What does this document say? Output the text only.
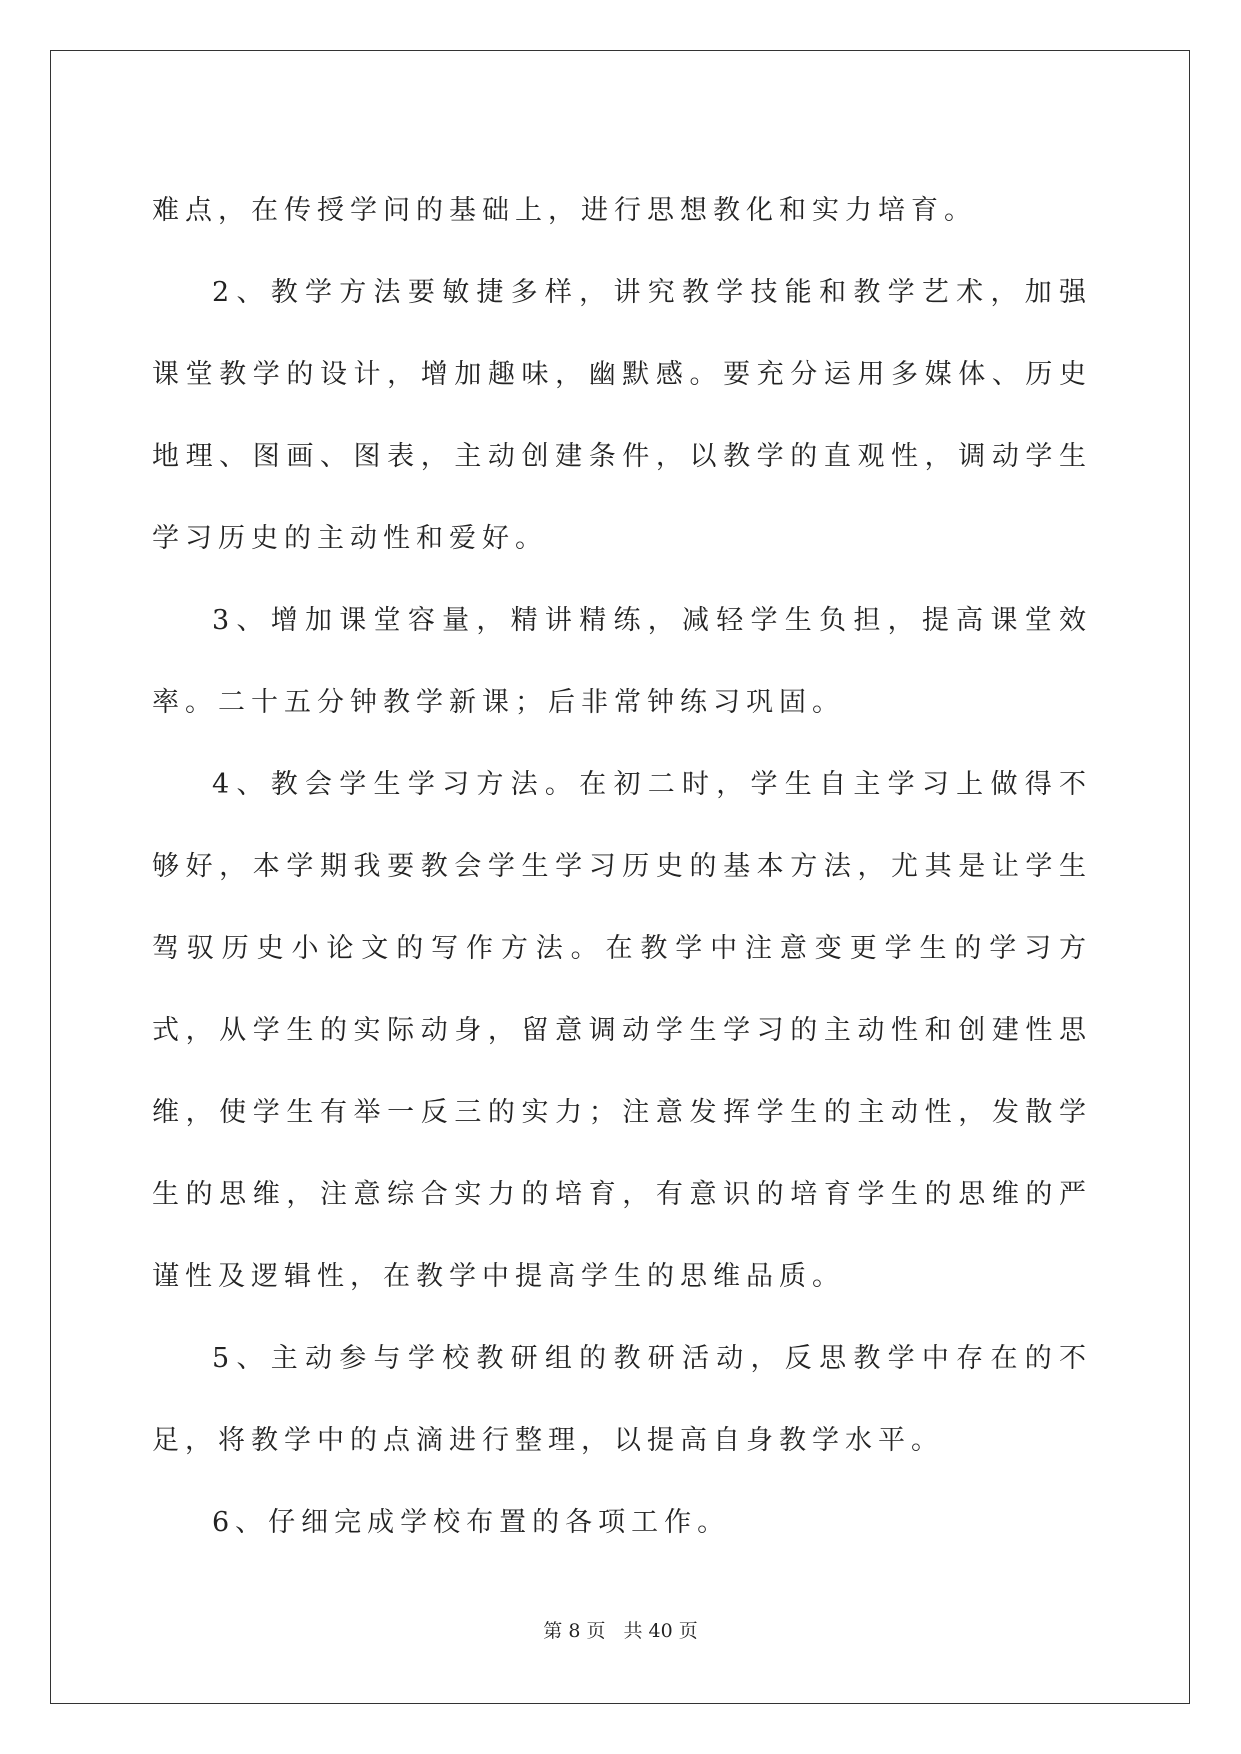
难点，在传授学问的基础上，进行思想教化和实力培育。

2、教学方法要敏捷多样，讲究教学技能和教学艺术，加强课堂教学的设计，增加趣味，幽默感。要充分运用多媒体、历史地理、图画、图表，主动创建条件，以教学的直观性，调动学生学习历史的主动性和爱好。

3、增加课堂容量，精讲精练，减轻学生负担，提高课堂效率。二十五分钟教学新课；后非常钟练习巩固。

4、教会学生学习方法。在初二时，学生自主学习上做得不够好，本学期我要教会学生学习历史的基本方法，尤其是让学生驾驭历史小论文的写作方法。在教学中注意变更学生的学习方式，从学生的实际动身，留意调动学生学习的主动性和创建性思维，使学生有举一反三的实力；注意发挥学生的主动性，发散学生的思维，注意综合实力的培育，有意识的培育学生的思维的严谨性及逻辑性，在教学中提高学生的思维品质。

5、主动参与学校教研组的教研活动，反思教学中存在的不足，将教学中的点滴进行整理，以提高自身教学水平。

6、仔细完成学校布置的各项工作。

第 8 页 共 40 页
